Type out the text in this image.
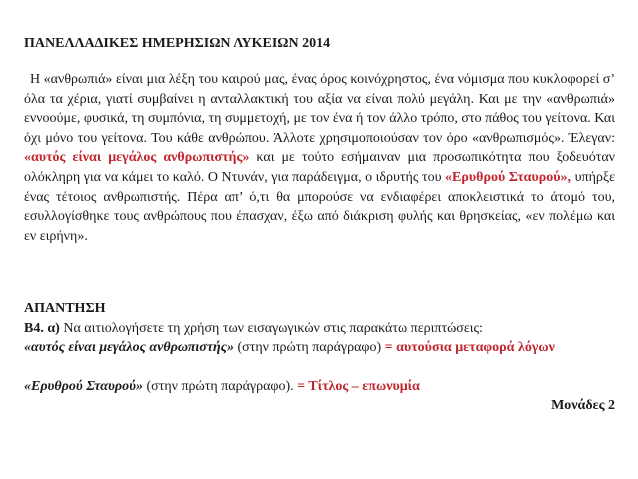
ΠΑΝΕΛΛΑΔΙΚΕΣ ΗΜΕΡΗΣΙΩΝ ΛΥΚΕΙΩΝ 2014
Η «ανθρωπιά» είναι μια λέξη του καιρού μας, ένας όρος κοινόχρηστος, ένα νόμισμα που κυκλοφορεί σ’ όλα τα χέρια, γιατί συμβαίνει η ανταλλακτική του αξία να είναι πολύ μεγάλη. Και με την «ανθρωπιά» εννοούμε, φυσικά, τη συμπόνια, τη συμμετοχή, με τον ένα ή τον άλλο τρόπο, στο πάθος του γείτονα. Και όχι μόνο του γείτονα. Του κάθε ανθρώπου. Άλλοτε χρησιμοποιούσαν τον όρο «ανθρωπισμός». Έλεγαν: «αυτός είναι μεγάλος ανθρωπιστής» και με τούτο εσήμαιναν μια προσωπικότητα που ξοδευόταν ολόκληρη για να κάμει το καλό. Ο Ντυνάν, για παράδειγμα, ο ιδρυτής του «Ερυθρού Σταυρού», υπήρξε ένας τέτοιος ανθρωπιστής. Πέρα απ’ ό,τι θα μπορούσε να ενδιαφέρει αποκλειστικά το άτομό του, εσυλλογίσθηκε τους ανθρώπους που έπασχαν, έξω από διάκριση φυλής και θρησκείας, «εν πολέμω και εν ειρήνη».
ΑΠΑΝΤΗΣΗ
Β4. α) Να αιτιολογήσετε τη χρήση των εισαγωγικών στις παρακάτω περιπτώσεις:
«αυτός είναι μεγάλος ανθρωπιστής» (στην πρώτη παράγραφο) = αυτούσια μεταφορά λόγων
«Ερυθρού Σταυρού» (στην πρώτη παράγραφο). = Τίτλος – επωνυμία
Μονάδες 2
